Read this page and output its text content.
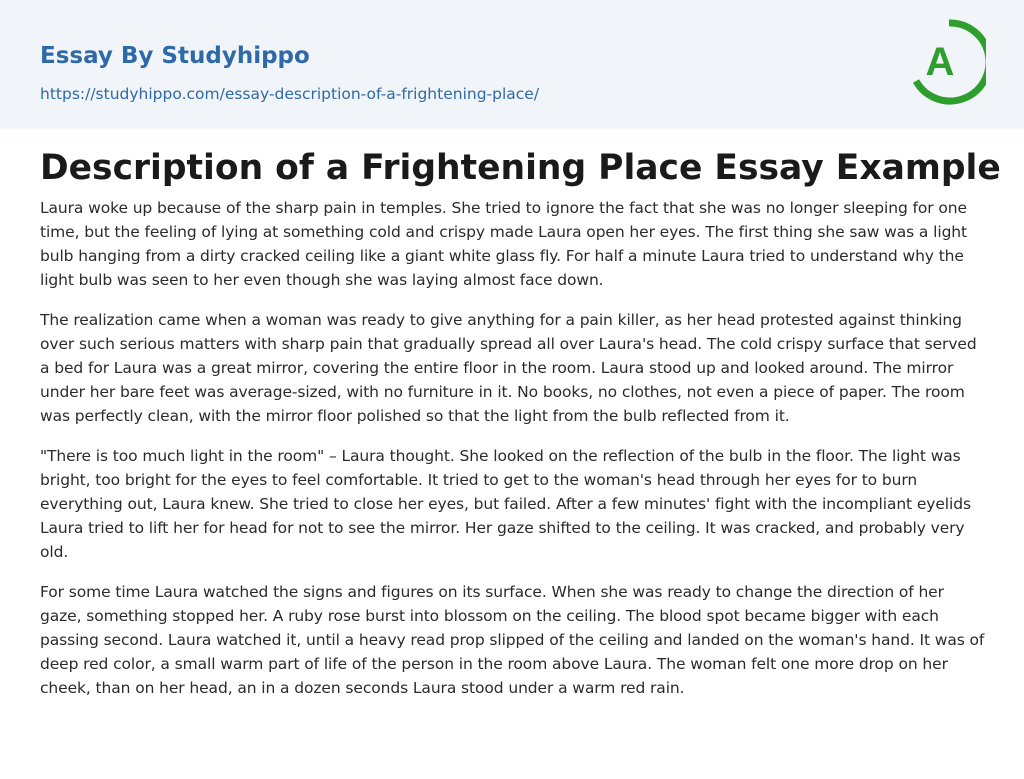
Essay By Studyhippo
https://studyhippo.com/essay-description-of-a-frightening-place/
A
Description of a Frightening Place Essay Example

Laura woke up because of the sharp pain in temples. She tried to ignore the fact that she was no longer sleeping for one time, but the feeling of lying at something cold and crispy made Laura open her eyes. The first thing she saw was a light bulb hanging from a dirty cracked ceiling like a giant white glass fly. For half a minute Laura tried to understand why the light bulb was seen to her even though she was laying almost face down.

The realization came when a woman was ready to give anything for a pain killer, as her head protested against thinking over such serious matters with sharp pain that gradually spread all over Laura's head. The cold crispy surface that served a bed for Laura was a great mirror, covering the entire floor in the room. Laura stood up and looked around. The mirror under her bare feet was average-sized, with no furniture in it. No books, no clothes, not even a piece of paper. The room was perfectly clean, with the mirror floor polished so that the light from the bulb reflected from it.

"There is too much light in the room" – Laura thought. She looked on the reflection of the bulb in the floor. The light was bright, too bright for the eyes to feel comfortable. It tried to get to the woman's head through her eyes for to burn everything out, Laura knew. She tried to close her eyes, but failed. After a few minutes' fight with the incompliant eyelids Laura tried to lift her for head for not to see the mirror. Her gaze shifted to the ceiling. It was cracked, and probably very old.

For some time Laura watched the signs and figures on its surface. When she was ready to change the direction of her gaze, something stopped her. A ruby rose burst into blossom on the ceiling. The blood spot became bigger with each passing second. Laura watched it, until a heavy read prop slipped of the ceiling and landed on the woman's hand. It was of deep red color, a small warm part of life of the person in the room above Laura. The woman felt one more drop on her cheek, than on her head, an in a dozen seconds Laura stood under a warm red rain.
